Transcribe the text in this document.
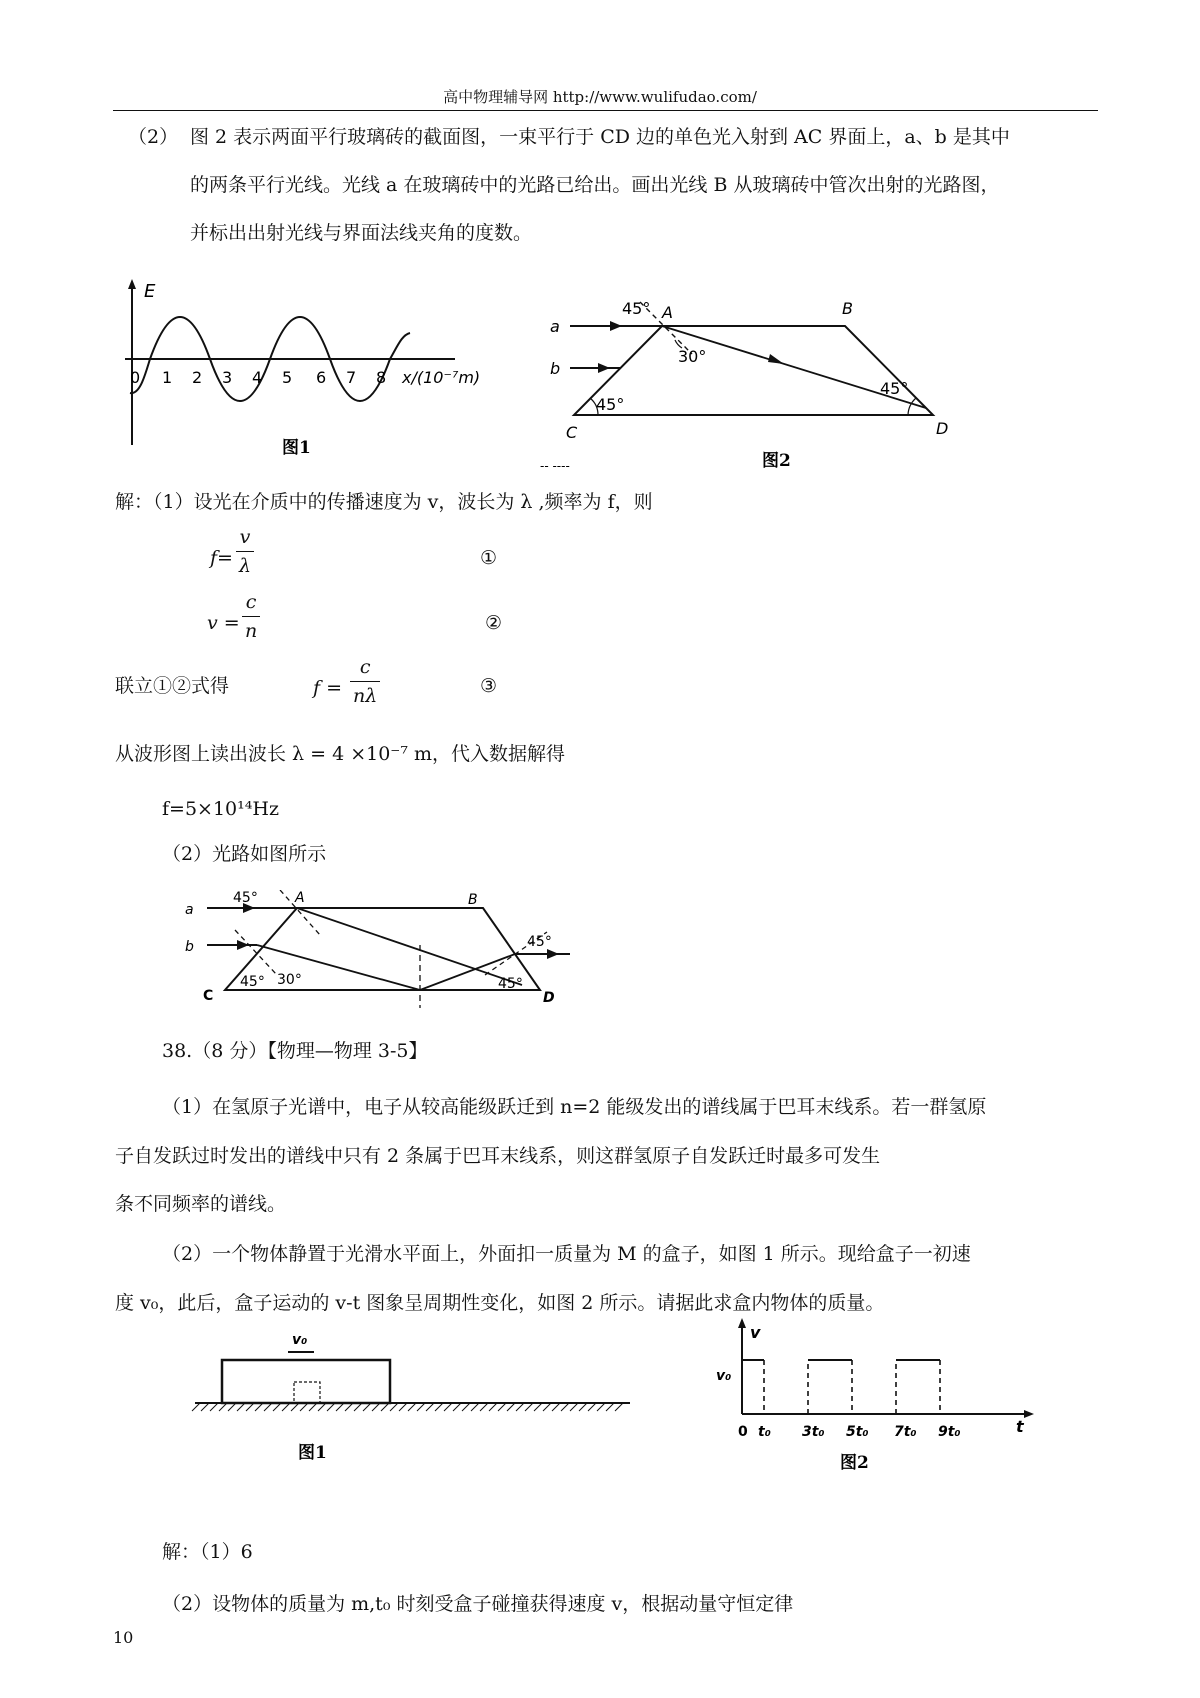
高中物理辅导网 http://www.wulifudao.com/
（2） 图 2 表示两面平行玻璃砖的截面图，一束平行于 CD 边的单色光入射到 AC 界面上，a、b 是其中
的两条平行光线。光线 a 在玻璃砖中的光路已给出。画出光线 B 从玻璃砖中管次出射的光路图，
并标出出射光线与界面法线夹角的度数。
E
0 1 2 3 4 5 6 7 8 x/(10⁻⁷m)
图1
a
b
A	B
C	D
45°
30°
45°
45°
-- ----	图2
解：（1）设光在介质中的传播速度为 v，波长为 λ ,频率为 f，则
$f= \frac{v}{\lambda}$	①
$v = \frac{c}{n}$	②
联立①②式得	$f = \frac{c}{n\lambda}$	③
从波形图上读出波长 λ = 4 ×10⁻⁷ m，代入数据解得
f=5×10¹⁴Hz
（2）光路如图所示
a
b
A	B
C	D
45°
30°
45°	45°
45°
38.（8 分）【物理—物理 3-5】
（1）在氢原子光谱中，电子从较高能级跃迁到 n=2 能级发出的谱线属于巴耳末线系。若一群氢原
子自发跃过时发出的谱线中只有 2 条属于巴耳末线系，则这群氢原子自发跃迁时最多可发生
条不同频率的谱线。
（2）一个物体静置于光滑水平面上，外面扣一质量为 M 的盒子，如图 1 所示。现给盒子一初速
度 v₀，此后，盒子运动的 v-t 图象呈周期性变化，如图 2 所示。请据此求盒内物体的质量。
v₀
图1
v
v₀
t
0 t₀ 3t₀ 5t₀ 7t₀ 9t₀
图2
解：（1）6
（2）设物体的质量为 m,t₀ 时刻受盒子碰撞获得速度 v，根据动量守恒定律
10
